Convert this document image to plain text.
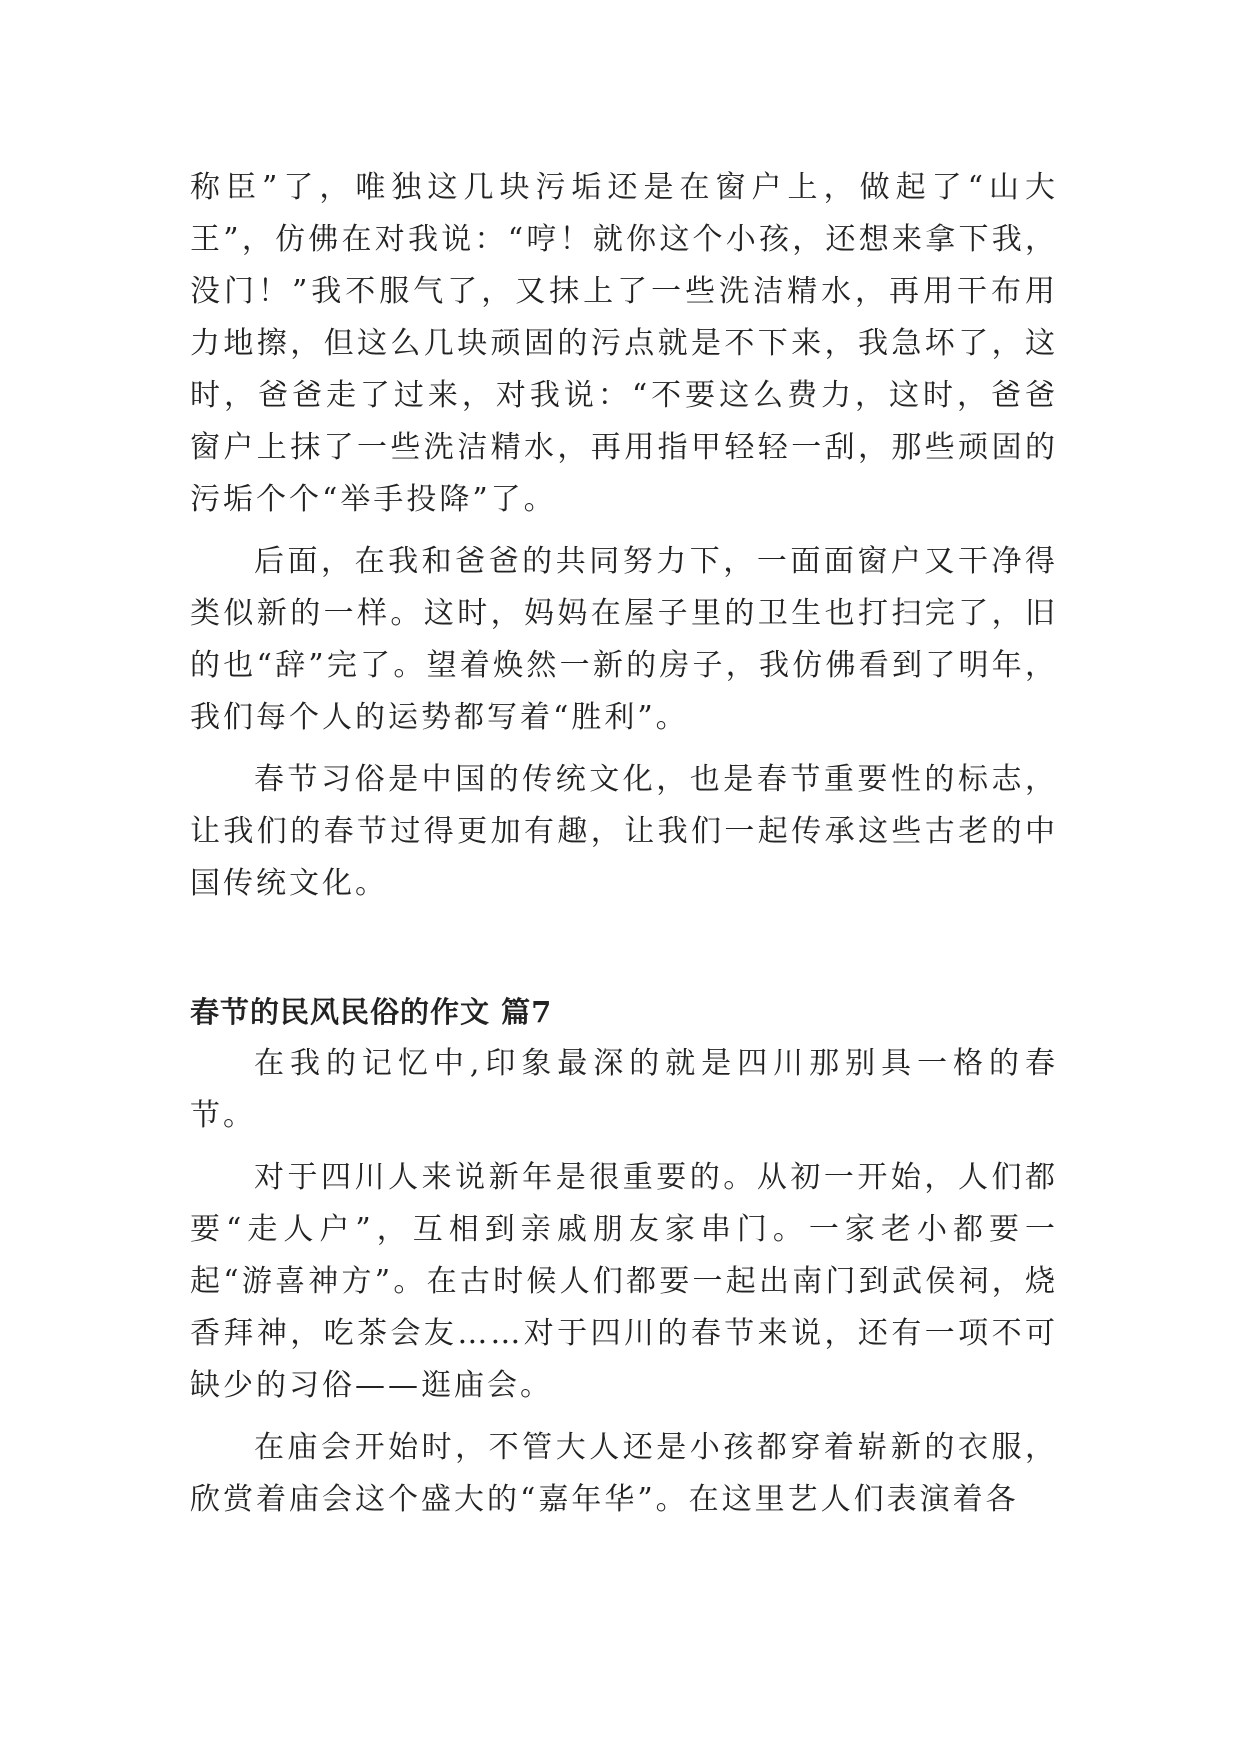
称臣”了，唯独这几块污垢还是在窗户上，做起了“山大王”，仿佛在对我说：“哼！就你这个小孩，还想来拿下我，没门！”我不服气了，又抹上了一些洗洁精水，再用干布用力地擦，但这么几块顽固的污点就是不下来，我急坏了，这时，爸爸走了过来，对我说：“不要这么费力，这时，爸爸窗户上抹了一些洗洁精水，再用指甲轻轻一刮，那些顽固的污垢个个“举手投降”了。

后面，在我和爸爸的共同努力下，一面面窗户又干净得类似新的一样。这时，妈妈在屋子里的卫生也打扫完了，旧的也“辞”完了。望着焕然一新的房子，我仿佛看到了明年，我们每个人的运势都写着“胜利”。

春节习俗是中国的传统文化，也是春节重要性的标志，让我们的春节过得更加有趣，让我们一起传承这些古老的中国传统文化。

春节的民风民俗的作文 篇7

在我的记忆中,印象最深的就是四川那别具一格的春节。

对于四川人来说新年是很重要的。从初一开始，人们都要“走人户”，互相到亲戚朋友家串门。一家老小都要一起“游喜神方”。在古时候人们都要一起出南门到武侯祠，烧香拜神，吃茶会友……对于四川的春节来说，还有一项不可缺少的习俗——逛庙会。

在庙会开始时，不管大人还是小孩都穿着崭新的衣服，欣赏着庙会这个盛大的“嘉年华”。在这里艺人们表演着各
